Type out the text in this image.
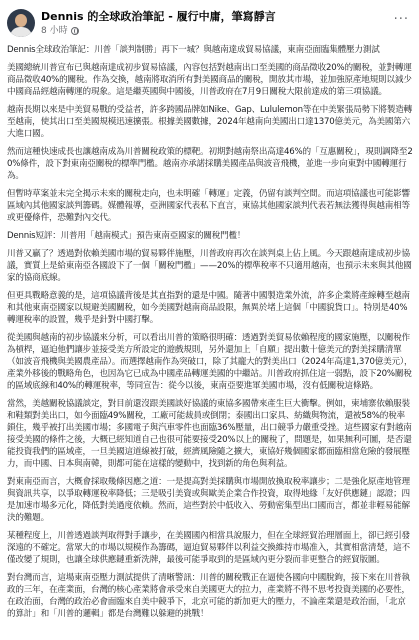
Dennis 的全球政治筆記 - 履行中庸，筆寫靜言
8 小時
···

Dennis全球政治筆記：川普「談判制勝」再下一城？與越南達成貿易協議，東南亞面臨集體壓力測試

美國總統川普宣布已與越南達成初步貿易協議，內容包括對越南出口至美國的商品徵收20%的關稅，並對轉運商品徵收40%的關稅。作為交換，越南將取消所有對美國商品的關稅，開放其市場，並加強原產地規則以減少中國商品經越南轉運的現象。這是繼英國與中國後，川普政府在7月9日關稅大限前達成的第三項協議。

越南長期以來是中美貿易戰的受益者，許多跨國品牌如Nike、Gap、Lululemon等在中美緊張局勢下將製造轉至越南，使其出口至美國規模迅速擴張。根據美國數據，2024年越南向美國出口達1370億美元，為美國第六大進口國。

然而這種快速成長也讓越南成為川普關稅政策的標靶。初期對越南祭出高達46%的「互惠關稅」，現則調降至20%條件，設下對東南亞關稅的標準門檻。越南亦承諾採購美國產品與波音飛機，並進一步向東對中國轉運行為。

但暫時草案並未完全揭示未來的關稅走向，也未明確「轉運」定義，仍留有談判空間。而這項協議也可能影響區域內其他國家談判籌碼。媒體報導，亞洲國家代表私下直言，東協其他國家談判代表若無法獲得與越南相等或更優條件，恐難對內交代。

Dennis短評：川普用「越南模式」預告東南亞國家的關稅門檻！

川普又贏了？透過對依賴美國市場的貿易夥伴施壓，川普政府再次在談判桌上佔上風。今天跟越南達成初步協議，實質上是給東南亞各國設下了一個「關稅門檻」——20%的標準稅率不只適用越南，也預示未來與其他國家的協商底線。

但更具戰略意義的是，這項協議背後是其直指對的還是中國。隨著中國製造業外流，許多企業將產線轉至越南和其他東南亞國家以規避美國關稅，如今美國對越南商品設限，無異於堵上這個「中國貌貨口」。特別是40%轉運稅率的設置，幾乎是針對中國打擊。

從美國與越南的初步協議來分析，可以看出川普的策略很明確：透過對美貿易依賴程度的國家施壓，以關稅作為槓桿，逼迫他們讓步並接受美方所設定的遊戲規則，另外還加上「自願」提出數十億美元的對美採購清單（如波音飛機與美國農產品）。而選擇越南作為突破口，除了其龐大的對美出口（2024年高達1,370億美元），產業外移後的戰略角色，也因為它已成為中國產品轉運美國的中繼站。川普政府抓住這一弱點，設下20%關稅的區域底線和40%的轉運稅率，等同宣告：從今以後，東南亞要進軍美國市場，沒有低關稅這條路。

當然，美越關稅協議談定，對目前還沒跟美國談好協議的東協多國帶來產生巨大衝擊。例如，柬埔寨依賴服裝和鞋類對美出口，如今面臨49%關稅，工廠可能裁員或倒閉；泰國出口家具、紡織與物流，還被58%的稅率鎖住，幾乎被打出美國市場；多國電子與汽車零件也面臨36%壓量，出口競爭力嚴重受挫。這些國家有對越南接受美國的條件之後，大概已經知道自己也很可能要接受20%以上的關稅了，問題是，如果無利可圖，是否還能投資我們的區域產，一旦美國這道線被打破，經濟風險隨之擴大，東協好幾個國家都面臨相當危險的發展壓力，而中國、日本與南韓，則都可能在這樣的變動中，找到新的角色與利益。

對東南亞而言，大概會採取幾條因應之道：一是提高對美採購與市場開放換取稅率讓步；二是強化原產地管理與資訊共享，以爭取轉運稅率降低；三是吸引美資或與歐美企業合作投資，取得地緣「友好供應鏈」認證；四是加速市場多元化，降低對美過度依賴。然而，這些對於中低收入、勞動密集型出口國而言，都並非輕易能解決的難題。

某種程度上，川普透過談判取得對手讓步，在美國國內相當具說服力，但在全球經貿治理層面上，卻已經引發深遠的不確定。當眾大的市場以規模作為籌碼，逼迫貿易夥伴以利益交換維持市場准入，其實相當清楚，這不僅改變了規則，也讓全球供應鏈重新洗牌，最後可能爭取到的是區域內更分裂而非更整合的經貿版圖。

對台灣而言，這場東南亞壓力測試提供了清晰警訊：川普的關稅戰正在逼使各國向中國脫鉤，接下來在川普執政的三年，在產業面，台灣的核心產業將會承受來自美國更大的拉力，產業將不得不思考投資美國的必要性，在政治面，台灣的政治必會面臨來自美中競爭下，北京可能的新加更大的壓力，不論產業還是政治面，「北京的算計」和「川普的邏輯」都是台灣難以躲避的挑戰！
